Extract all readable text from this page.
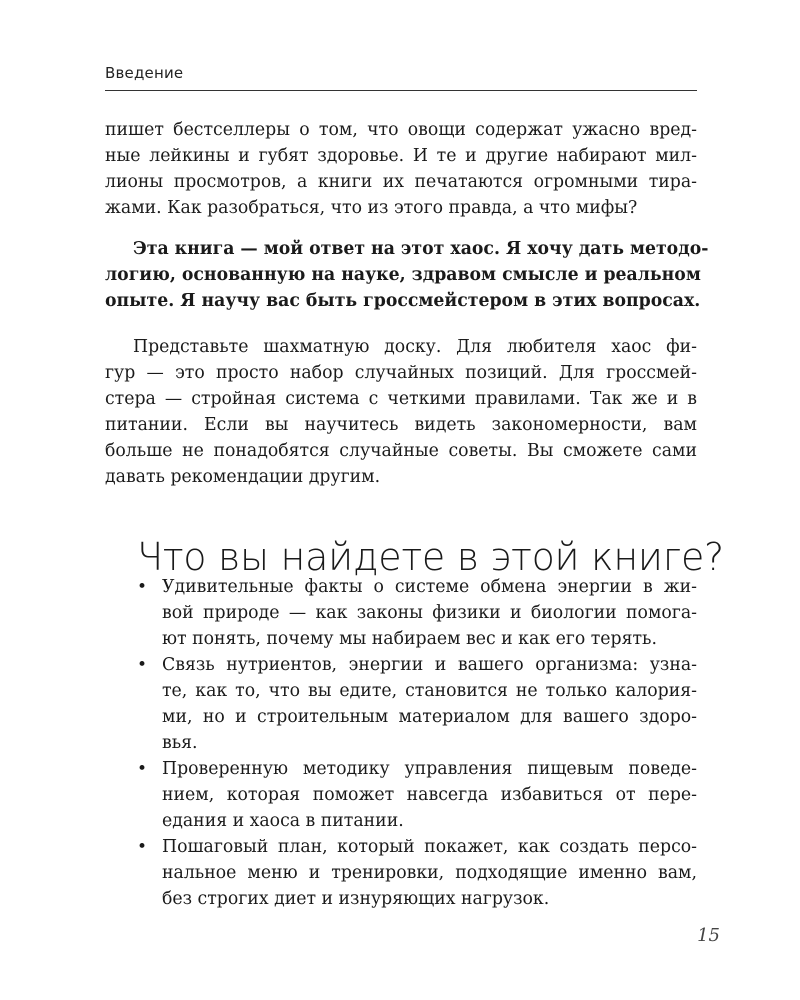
Введение
пишет бестселлеры о том, что овощи содержат ужасно вред-
ные лейкины и губят здоровье. И те и другие набирают мил-
лионы просмотров, а книги их печатаются огромными тира-
жами. Как разобраться, что из этого правда, а что мифы?
Эта книга — мой ответ на этот хаос. Я хочу дать методо-
логию, основанную на науке, здравом смысле и реальном
опыте. Я научу вас быть гроссмейстером в этих вопросах.
Представьте шахматную доску. Для любителя хаос фи-
гур — это просто набор случайных позиций. Для гроссмей-
стера — стройная система с четкими правилами. Так же и в
питании. Если вы научитесь видеть закономерности, вам
больше не понадобятся случайные советы. Вы сможете сами
давать рекомендации другим.
Что вы найдете в этой книге?
• Удивительные факты о системе обмена энергии в жи-
вой природе — как законы физики и биологии помога-
ют понять, почему мы набираем вес и как его терять.
• Связь нутриентов, энергии и вашего организма: узна-
те, как то, что вы едите, становится не только калория-
ми, но и строительным материалом для вашего здоро-
вья.
• Проверенную методику управления пищевым поведе-
нием, которая поможет навсегда избавиться от пере-
едания и хаоса в питании.
• Пошаговый план, который покажет, как создать персо-
нальное меню и тренировки, подходящие именно вам,
без строгих диет и изнуряющих нагрузок.
15
